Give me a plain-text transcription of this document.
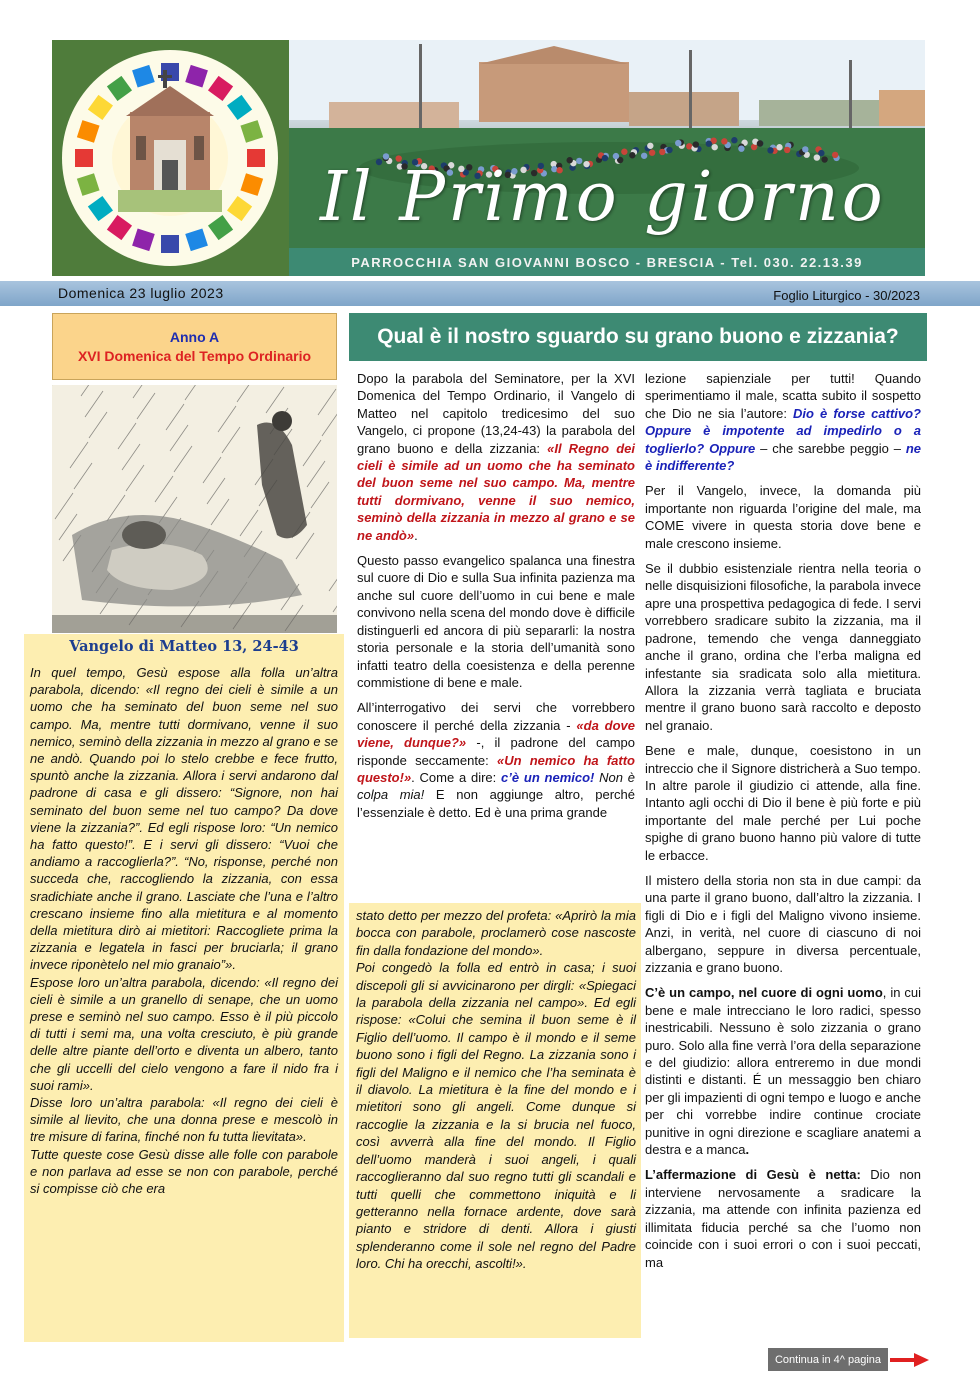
Il Primo giorno
PARROCCHIA SAN GIOVANNI BOSCO - BRESCIA - Tel. 030. 22.13.39
Domenica 23 luglio 2023	Foglio Liturgico - 30/2023
Anno A
XVI Domenica del Tempo Ordinario
Vangelo di Matteo 13, 24-43

In quel tempo, Gesù espose alla folla un’altra parabola, dicendo: «Il regno dei cieli è simile a un uomo che ha seminato del buon seme nel suo campo. Ma, mentre tutti dormivano, venne il suo nemico, seminò della zizzania in mezzo al grano e se ne andò. Quando poi lo stelo crebbe e fece frutto, spuntò anche la zizzania. Allora i servi andarono dal padrone di casa e gli dissero: “Signore, non hai seminato del buon seme nel tuo campo? Da dove viene la zizzania?”. Ed egli rispose loro: “Un nemico ha fatto questo!”. E i servi gli dissero: “Vuoi che andiamo a raccoglierla?”. “No, risponse, perché non succeda che, raccogliendo la zizzania, con essa sradichiate anche il grano. Lasciate che l’una e l’altro crescano insieme fino alla mietitura e al momento della mietitura dirò ai mietitori: Raccogliete prima la zizzania e legatela in fasci per bruciarla; il grano invece riponètelo nel mio granaio”».

Espose loro un’altra parabola, dicendo: «Il regno dei cieli è simile a un granello di senape, che un uomo prese e seminò nel suo campo. Esso è il più piccolo di tutti i semi ma, una volta cresciuto, è più grande delle altre piante dell’orto e diventa un albero, tanto che gli uccelli del cielo vengono a fare il nido fra i suoi rami».

Disse loro un’altra parabola: «Il regno dei cieli è simile al lievito, che una donna prese e mescolò in tre misure di farina, finché non fu tutta lievitata».

Tutte queste cose Gesù disse alle folle con parabole e non parlava ad esse se non con parabole, perché si compisse ciò che era

Qual è il nostro sguardo su grano buono e zizzania?

Dopo la parabola del Seminatore, per la XVI Domenica del Tempo Ordinario, il Vangelo di Matteo nel capitolo tredicesimo del suo Vangelo, ci propone (13,24-43) la parabola del grano buono e della zizzania: «Il Regno dei cieli è simile ad un uomo che ha seminato del buon seme nel suo campo. Ma, mentre tutti dormivano, venne il suo nemico, seminò della zizzania in mezzo al grano e se ne andò».

Questo passo evangelico spalanca una finestra sul cuore di Dio e sulla Sua infinita pazienza ma anche sul cuore dell’uomo in cui bene e male convivono nella scena del mondo dove è difficile distinguerli ed ancora di più separarli: la nostra storia personale e la storia dell’umanità sono infatti teatro della coesistenza e della perenne commistione di bene e male.

All’interrogativo dei servi che vorrebbero conoscere il perché della zizzania - «da dove viene, dunque?» -, il padrone del campo risponde seccamente: «Un nemico ha fatto questo!». Come a dire: c’è un nemico! Non è colpa mia! E non aggiunge altro, perché l’essenziale è detto. Ed è una prima grande

stato detto per mezzo del profeta: «Aprirò la mia bocca con parabole, proclamerò cose nascoste fin dalla fondazione del mondo».

Poi congedò la folla ed entrò in casa; i suoi discepoli gli si avvicinarono per dirgli: «Spiegaci la parabola della zizzania nel campo». Ed egli rispose: «Colui che semina il buon seme è il Figlio dell’uomo. Il campo è il mondo e il seme buono sono i figli del Regno. La zizzania sono i figli del Maligno e il nemico che l’ha seminata è il diavolo. La mietitura è la fine del mondo e i mietitori sono gli angeli. Come dunque si raccoglie la zizzania e la si brucia nel fuoco, così avverrà alla fine del mondo. Il Figlio dell’uomo manderà i suoi angeli, i quali raccoglieranno dal suo regno tutti gli scandali e tutti quelli che commettono iniquità e li getteranno nella fornace ardente, dove sarà pianto e stridore di denti. Allora i giusti splenderanno come il sole nel regno del Padre loro. Chi ha orecchi, ascolti!».

lezione sapienziale per tutti! Quando sperimentiamo il male, scatta subito il sospetto che Dio ne sia l’autore: Dio è forse cattivo? Oppure è impotente ad impedirlo o a toglierlo? Oppure – che sarebbe peggio – ne è indifferente?

Per il Vangelo, invece, la domanda più importante non riguarda l’origine del male, ma COME vivere in questa storia dove bene e male crescono insieme.

Se il dubbio esistenziale rientra nella teoria o nelle disquisizioni filosofiche, la parabola invece apre una prospettiva pedagogica di fede. I servi vorrebbero sradicare subito la zizzania, ma il padrone, temendo che venga danneggiato anche il grano, ordina che l’erba maligna ed infestante sia sradicata solo alla mietitura. Allora la zizzania verrà tagliata e bruciata mentre il grano buono sarà raccolto e deposto nel granaio.

Bene e male, dunque, coesistono in un intreccio che il Signore districherà a Suo tempo. In altre parole il giudizio ci attende, alla fine. Intanto agli occhi di Dio il bene è più forte e più importante del male perché per Lui poche spighe di grano buono hanno più valore di tutte le erbacce.

Il mistero della storia non sta in due campi: da una parte il grano buono, dall’altro la zizzania. I figli di Dio e i figli del Maligno vivono insieme. Anzi, in verità, nel cuore di ciascuno di noi albergano, seppure in diversa percentuale, zizzania e grano buono.

C’è un campo, nel cuore di ogni uomo, in cui bene e male intrecciano le loro radici, spesso inestricabili. Nessuno è solo zizzania o grano puro. Solo alla fine verrà l’ora della separazione e del giudizio: allora entreremo in due mondi distinti e distanti. É un messaggio ben chiaro per gli impazienti di ogni tempo e luogo e anche per chi vorrebbe indire continue crociate punitive in ogni direzione e scagliare anatemi a destra e a manca.

L’affermazione di Gesù è netta: Dio non interviene nervosamente a sradicare la zizzania, ma attende con infinita pazienza ed illimitata fiducia perché sa che l’uomo non coincide con i suoi errori o con i suoi peccati, ma

Continua in 4^ pagina
